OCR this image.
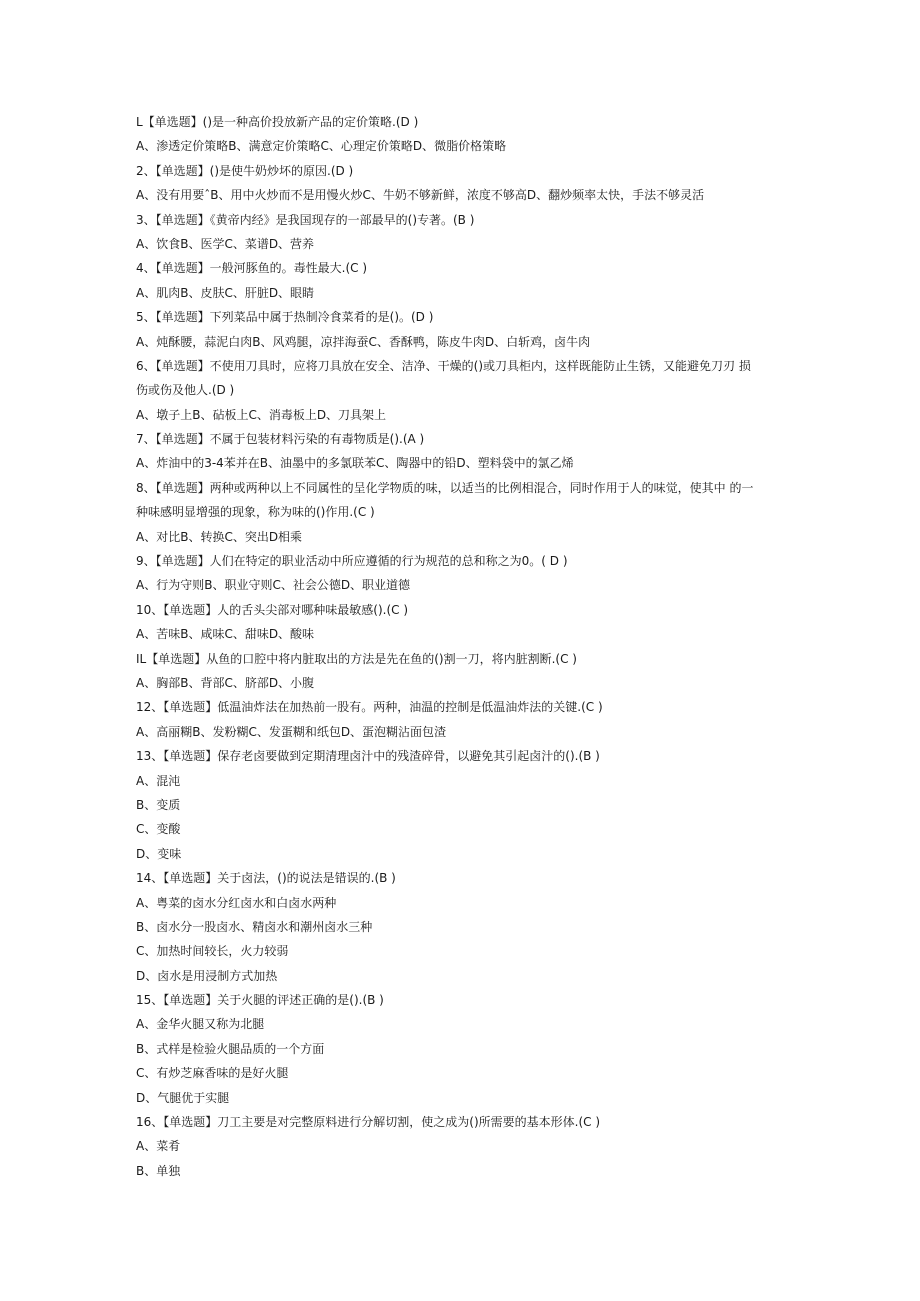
L【单选题】()是一种高价投放新产品的定价策略.(D )
A、渗透定价策略B、满意定价策略C、心理定价策略D、微脂价格策略
2、【单选题】()是使牛奶炒坏的原因.(D )
A、没有用要ˆB、用中火炒而不是用慢火炒C、牛奶不够新鲜，浓度不够高D、翻炒频率太快，手法不够灵活
3、【单选题】《黄帝内经》是我国现存的一部最早的()专著。(B )
A、饮食B、医学C、菜谱D、营养
4、【单选题】一般河豚鱼的。毒性最大.(C )
A、肌肉B、皮肤C、肝脏D、眼睛
5、【单选题】下列菜品中属于热制冷食菜肴的是()。(D )
A、炖酥腰，蒜泥白肉B、风鸡腿，凉拌海蚕C、香酥鸭，陈皮牛肉D、白斩鸡，卤牛肉
6、【单选题】不使用刀具时，应将刀具放在安全、洁净、干燥的()或刀具柜内，这样既能防止生锈，又能避免刀刃 损
伤或伤及他人.(D )
A、墩子上B、砧板上C、消毒板上D、刀具架上
7、【单选题】不属于包装材料污染的有毒物质是().(A )
A、炸油中的3-4苯并在B、油墨中的多氯联苯C、陶器中的铅D、塑料袋中的氯乙烯
8、【单选题】两种或两种以上不同属性的呈化学物质的味，以适当的比例相混合，同时作用于人的味觉，使其中 的一
种味感明显增强的现象，称为味的()作用.(C )
A、对比B、转换C、突出D相乘
9、【单选题】人们在特定的职业活动中所应遵循的行为规范的总和称之为0。( D )
A、行为守则B、职业守则C、社会公德D、职业道德
10、【单选题】人的舌头尖部对哪种味最敏感().(C )
A、苦味B、咸味C、甜味D、酸味
IL【单选题】从鱼的口腔中将内脏取出的方法是先在鱼的()割一刀，将内脏割断.(C )
A、胸部B、背部C、脐部D、小腹
12、【单选题】低温油炸法在加热前一股有。两种，油温的控制是低温油炸法的关键.(C )
A、高丽糊B、发粉糊C、发蛋糊和纸包D、蛋泡糊沾面包渣
13、【单选题】保存老卤要做到定期清理卤汁中的残渣碎骨，以避免其引起卤汁的().(B )
A、混沌
B、变质
C、变酸
D、变味
14、【单选题】关于卤法，()的说法是错误的.(B )
A、粤菜的卤水分红卤水和白卤水两种
B、卤水分一股卤水、精卤水和潮州卤水三种
C、加热时间较长，火力较弱
D、卤水是用浸制方式加热
15、【单选题】关于火腿的评述正确的是().(B )
A、金华火腿又称为北腿
B、式样是检验火腿品质的一个方面
C、有炒芝麻香味的是好火腿
D、气腿优于实腿
16、【单选题】刀工主要是对完整原料进行分解切割，使之成为()所需要的基本形体.(C )
A、菜肴
B、单独
